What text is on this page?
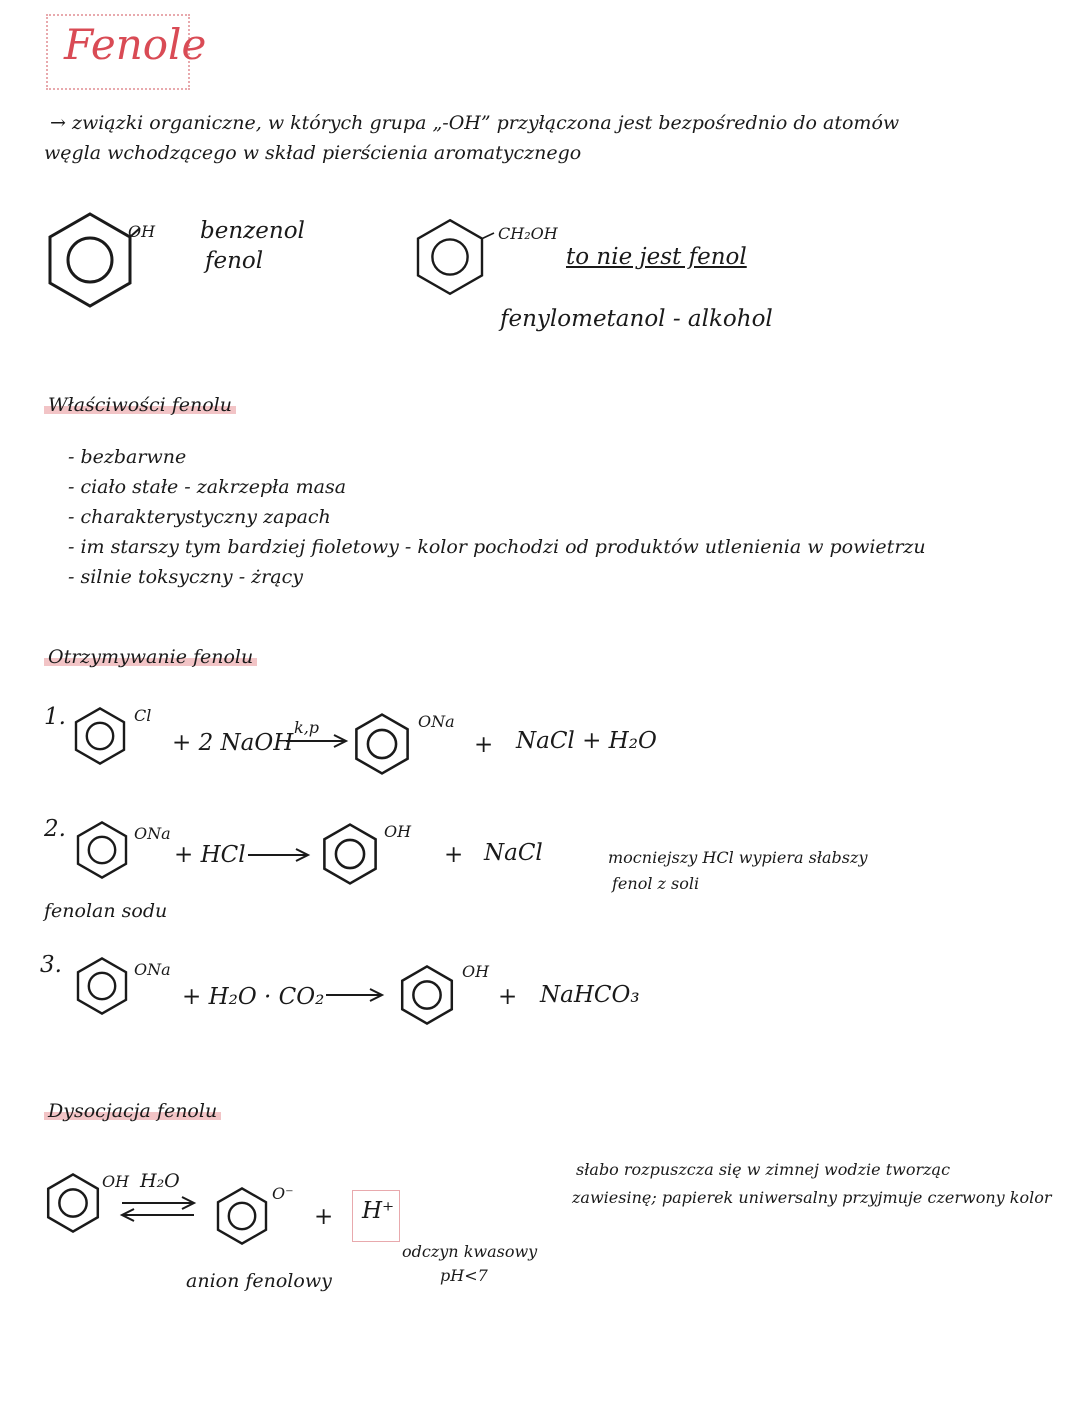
Fenole
→ związki organiczne, w których grupa „-OH” przyłączona jest bezpośrednio do atomów
węgla wchodzącego w skład pierścienia aromatycznego
OH benzenol
fenol
CH₂OH
to nie jest fenol
fenylometanol - alkohol
Właściwości fenolu
- bezbarwne
- ciało stałe - zakrzepła masa
- charakterystyczny zapach
- im starszy tym bardziej fioletowy - kolor pochodzi od produktów utlenienia w powietrzu
- silnie toksyczny - żrący
Otrzymywanie fenolu
1.	Cl
+ 2 NaOH
k,p	ONa
+ NaCl + H₂O
2.	ONa
+ HCl
OH
+ NaCl	mocniejszy HCl wypiera słabszy
fenol z soli
fenolan sodu
3.	ONa
+ H₂O · CO₂
OH
+ NaHCO₃
Dysocjacja fenolu
OH H₂O
O⁻
+ H⁺
anion fenolowy
odczyn kwasowy
pH<7
słabo rozpuszcza się w zimnej wodzie tworząc
zawiesinę; papierek uniwersalny przyjmuje czerwony kolor
